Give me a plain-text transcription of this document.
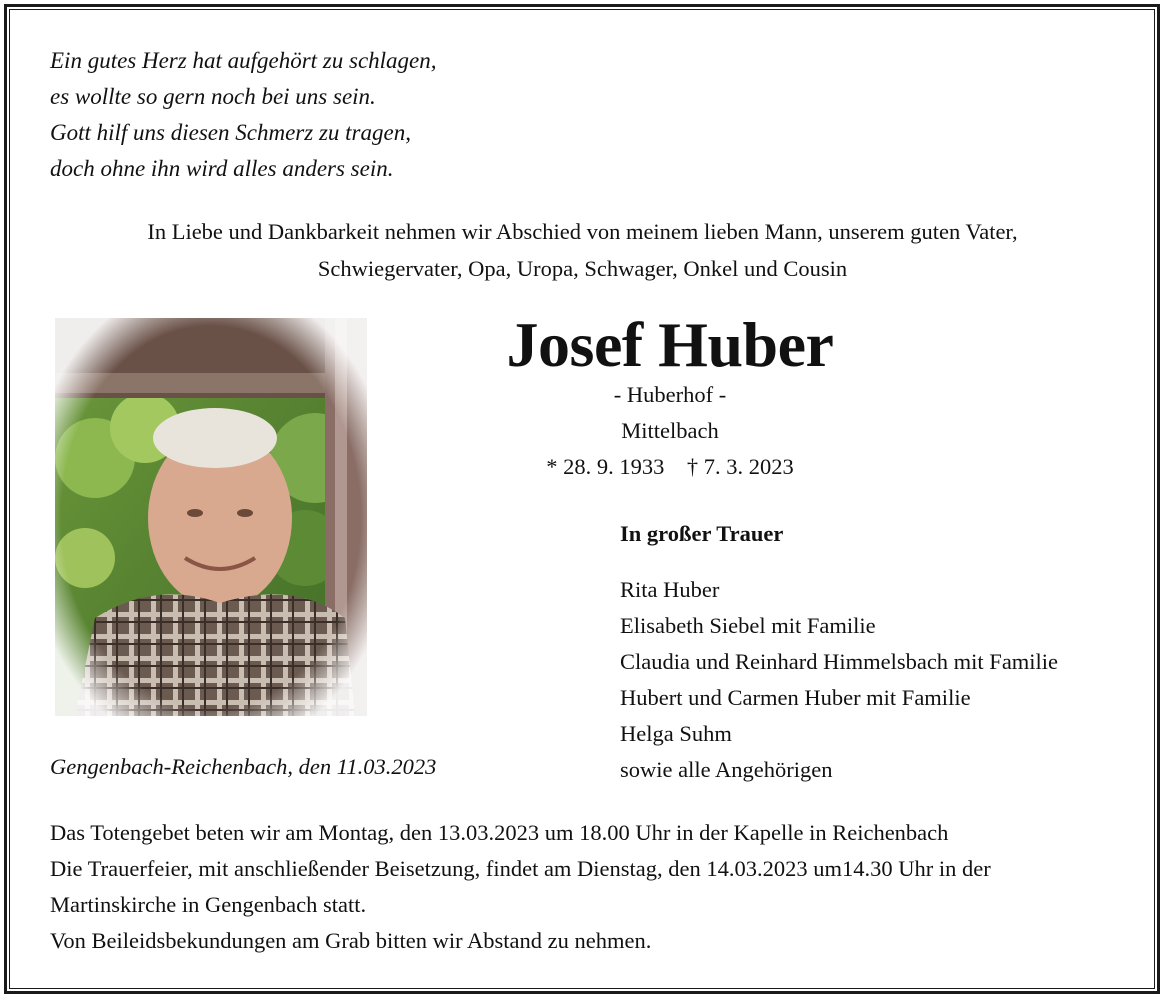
Ein gutes Herz hat aufgehört zu schlagen,
es wollte so gern noch bei uns sein.
Gott hilf uns diesen Schmerz zu tragen,
doch ohne ihn wird alles anders sein.
In Liebe und Dankbarkeit nehmen wir Abschied von meinem lieben Mann, unserem guten Vater,
Schwiegervater, Opa, Uropa, Schwager, Onkel und Cousin
Josef Huber
- Huberhof -
Mittelbach
* 28. 9. 1933 † 7. 3. 2023
In großer Trauer
Rita Huber
Elisabeth Siebel mit Familie
Claudia und Reinhard Himmelsbach mit Familie
Hubert und Carmen Huber mit Familie
Helga Suhm
sowie alle Angehörigen
Gengenbach-Reichenbach, den 11.03.2023
Das Totengebet beten wir am Montag, den 13.03.2023 um 18.00 Uhr in der Kapelle in Reichenbach
Die Trauerfeier, mit anschließender Beisetzung, findet am Dienstag, den 14.03.2023 um14.30 Uhr in der
Martinskirche in Gengenbach statt.
Von Beileidsbekundungen am Grab bitten wir Abstand zu nehmen.
